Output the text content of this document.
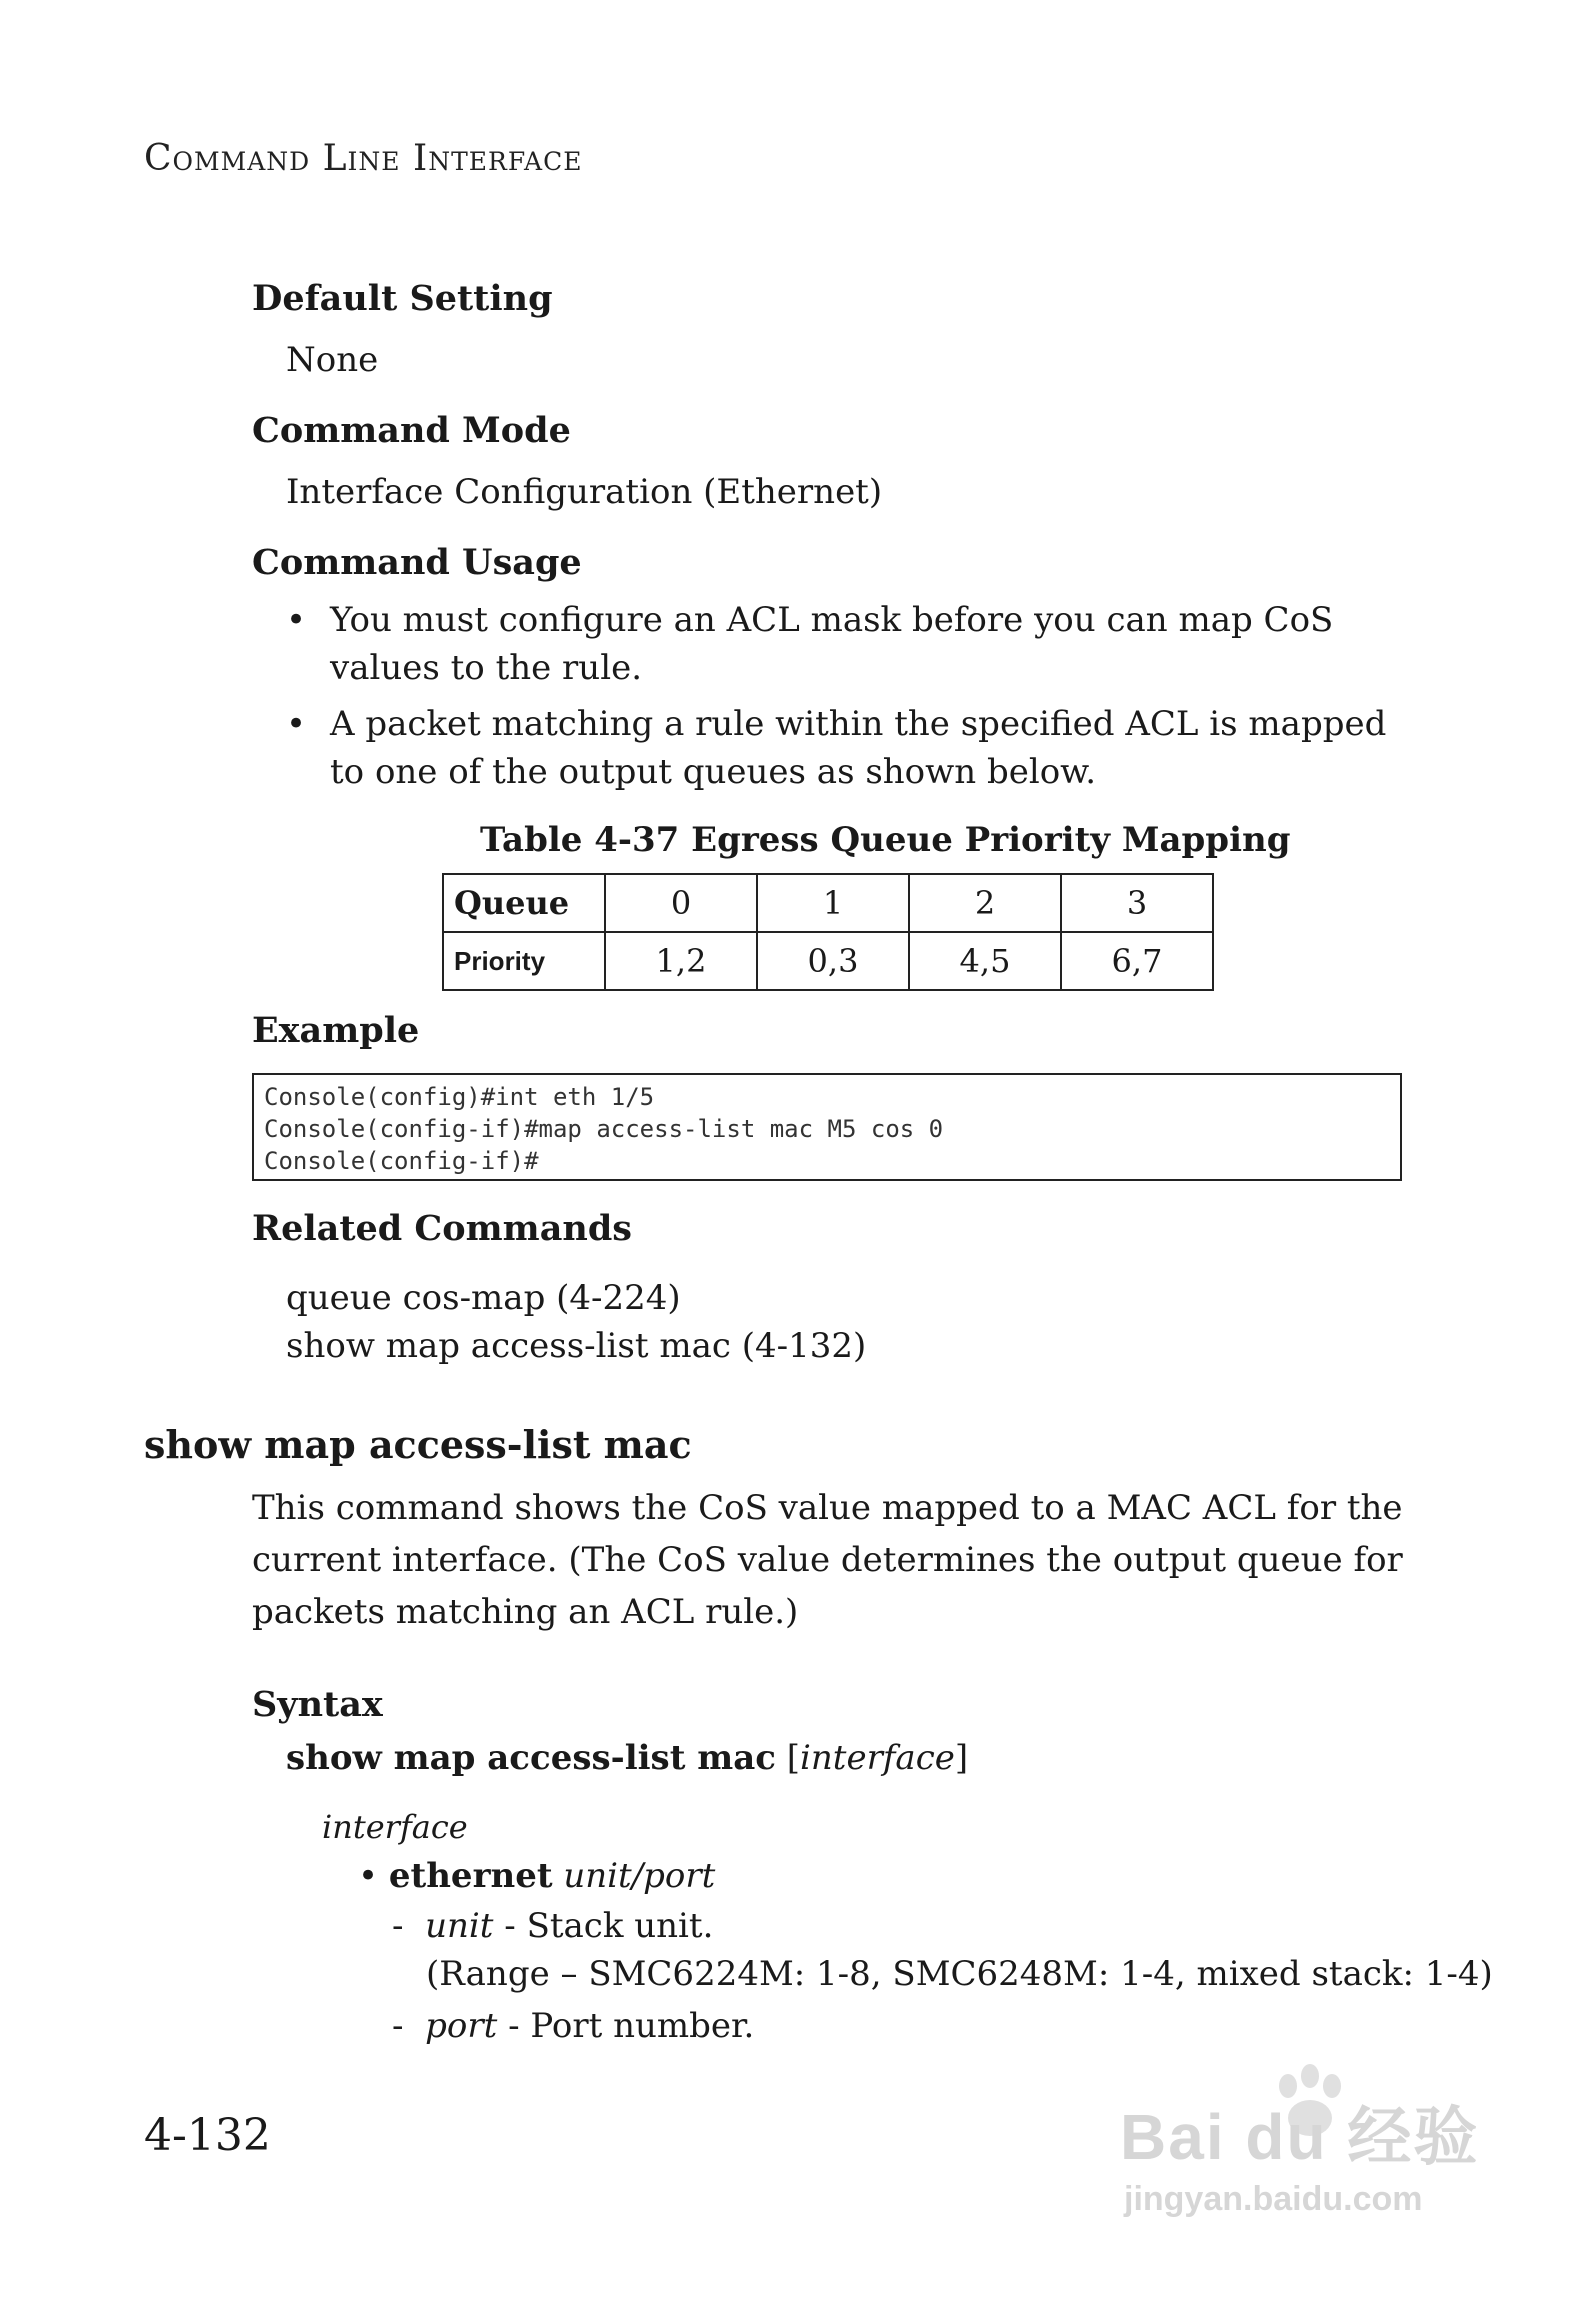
Command Line Interface
Default Setting
None
Command Mode
Interface Configuration (Ethernet)
Command Usage
• You must configure an ACL mask before you can map CoS values to the rule.
• A packet matching a rule within the specified ACL is mapped to one of the output queues as shown below.
Table 4-37 Egress Queue Priority Mapping
Queue	0	1	2	3
Priority	1,2	0,3	4,5	6,7
Example
Console(config)#int eth 1/5
Console(config-if)#map access-list mac M5 cos 0
Console(config-if)#
Related Commands
queue cos-map (4-224)
show map access-list mac (4-132)
show map access-list mac
This command shows the CoS value mapped to a MAC ACL for the current interface. (The CoS value determines the output queue for packets matching an ACL rule.)
Syntax
show map access-list mac [interface]
interface
• ethernet unit/port
- unit - Stack unit.
(Range – SMC6224M: 1-8, SMC6248M: 1-4, mixed stack: 1-4)
- port - Port number.
4-132	Bai du 经验
jingyan.baidu.com
